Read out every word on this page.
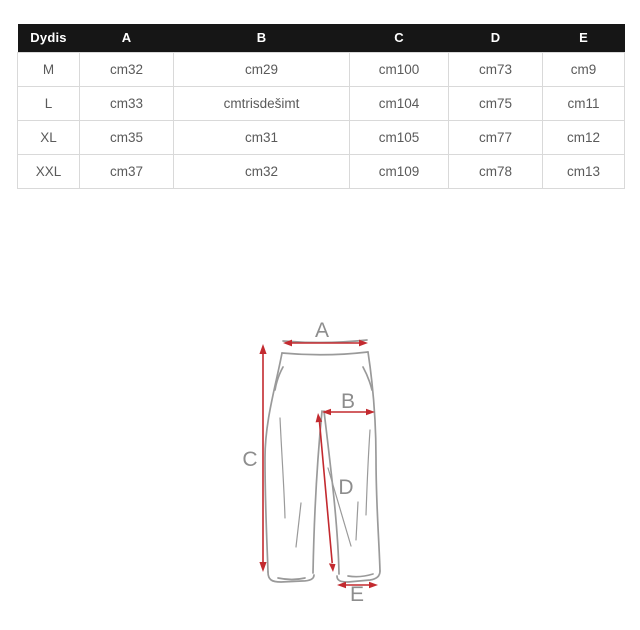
Dydis	A	B	C	D	E
M	cm32	cm29	cm100	cm73	cm9
L	cm33	cmtrisdešimt	cm104	cm75	cm11
XL	cm35	cm31	cm105	cm77	cm12
XXL	cm37	cm32	cm109	cm78	cm13
A
B
C
D
E
